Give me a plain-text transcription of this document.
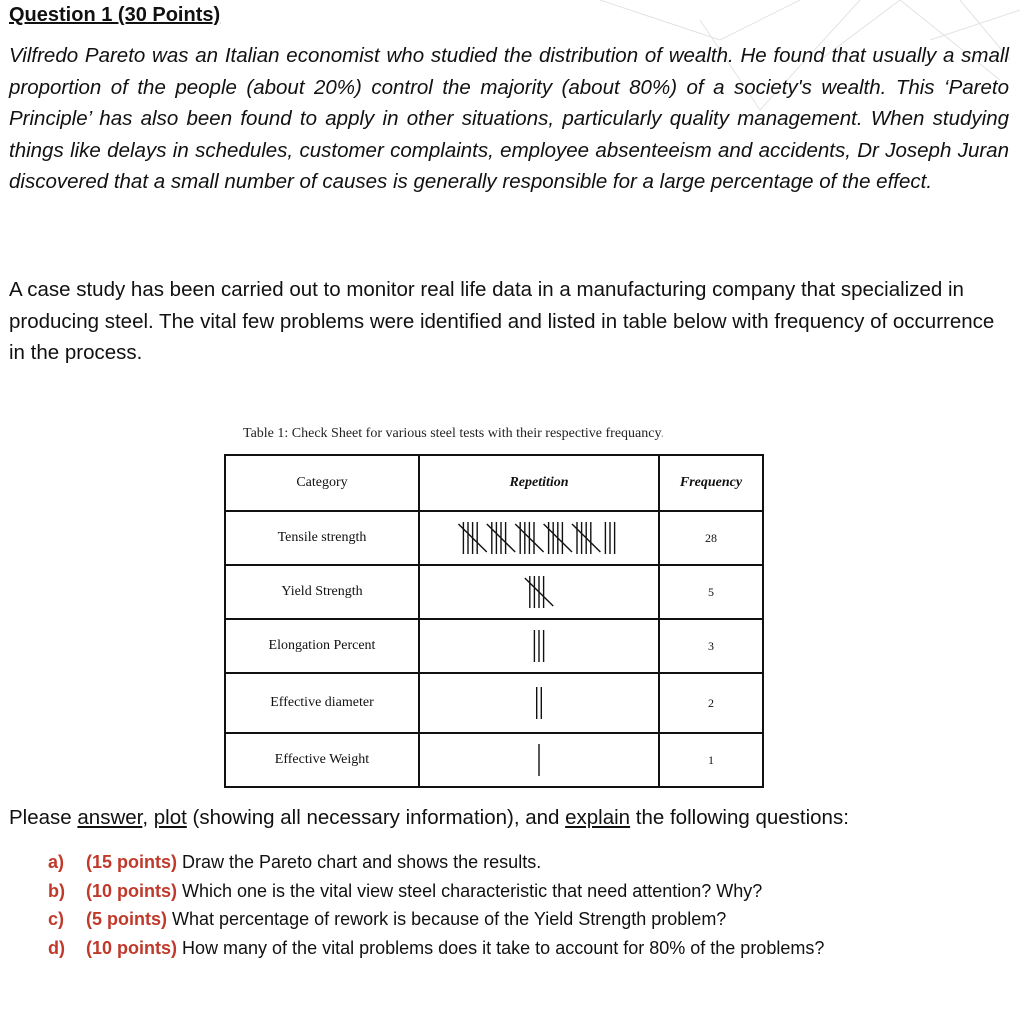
Question 1 (30 Points)

Vilfredo Pareto was an Italian economist who studied the distribution of wealth. He found that usually a small proportion of the people (about 20%) control the majority (about 80%) of a society's wealth. This ‘Pareto Principle’ has also been found to apply in other situations, particularly quality management. When studying things like delays in schedules, customer complaints, employee absenteeism and accidents, Dr Joseph Juran discovered that a small number of causes is generally responsible for a large percentage of the effect.

A case study has been carried out to monitor real life data in a manufacturing company that specialized in producing steel. The vital few problems were identified and listed in table below with frequency of occurrence in the process.

Table 1: Check Sheet for various steel tests with their respective frequancy.

Category	Repetition	Frequency
Tensile strength		28
Yield Strength		5
Elongation Percent		3
Effective diameter		2
Effective Weight		1

Please answer, plot (showing all necessary information), and explain the following questions:

a) (15 points) Draw the Pareto chart and shows the results.
b) (10 points) Which one is the vital view steel characteristic that need attention? Why?
c) (5 points) What percentage of rework is because of the Yield Strength problem?
d) (10 points) How many of the vital problems does it take to account for 80% of the problems?
